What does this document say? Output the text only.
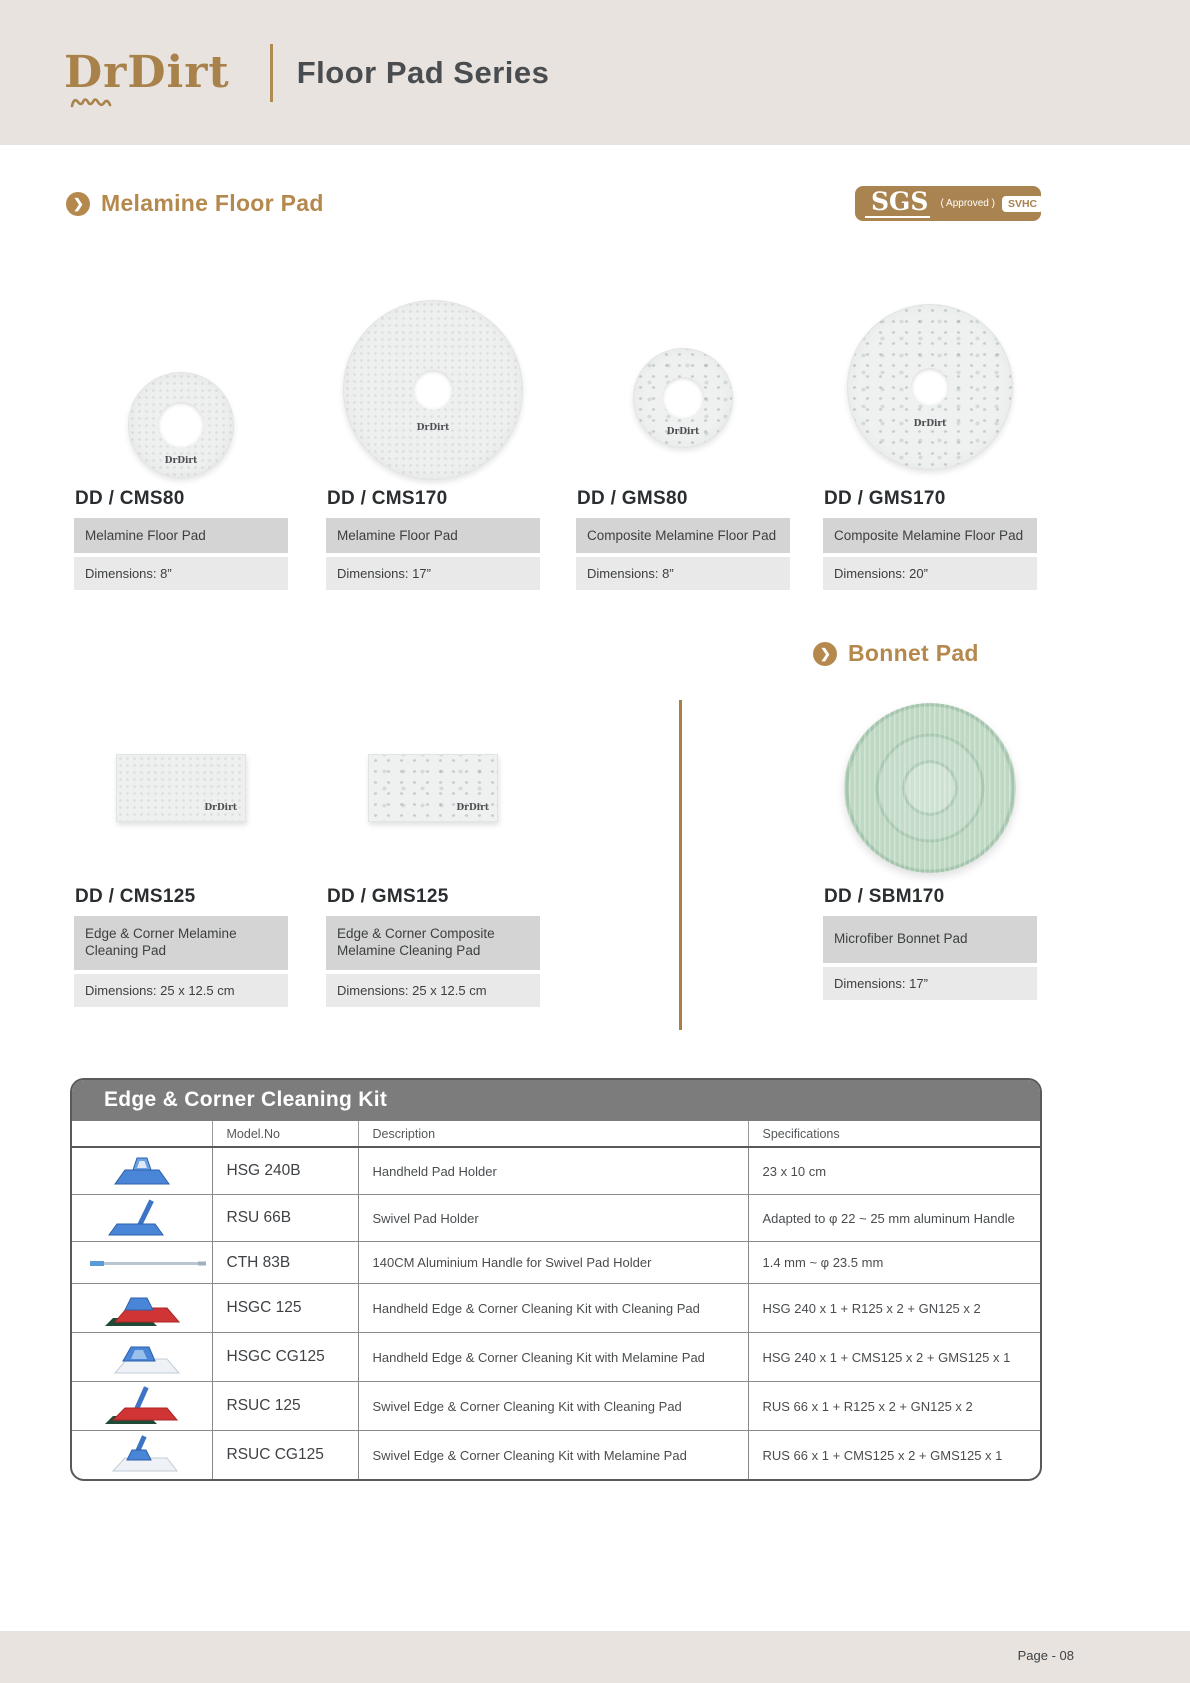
DrDirt Floor Pad Series
❯ Melamine Floor Pad	SGS ( Approved )	SVHC
DrDirt
DD / CMS80
Melamine Floor Pad
Dimensions: 8”
DrDirt
DD / CMS170
Melamine Floor Pad
Dimensions: 17”
DrDirt
DD / GMS80
Composite Melamine Floor Pad
Dimensions: 8”
DrDirt
DD / GMS170
Composite Melamine Floor Pad
Dimensions: 20”
❯ Bonnet Pad
DrDirt
DD / CMS125
Edge & Corner Melamine Cleaning Pad
Dimensions: 25 x 12.5 cm
DrDirt
DD / GMS125
Edge & Corner Composite Melamine Cleaning Pad
Dimensions: 25 x 12.5 cm
DD / SBM170
Microfiber Bonnet Pad
Dimensions: 17”
Edge & Corner Cleaning Kit
	Model.No	Description	Specifications

	HSG 240B	Handheld Pad Holder	23 x 10 cm

	RSU 66B	Swivel Pad Holder	Adapted to φ 22 ~ 25 mm aluminum Handle

	CTH 83B	140CM Aluminium Handle for Swivel Pad Holder	1.4 mm ~ φ 23.5 mm

	HSGC 125	Handheld Edge & Corner Cleaning Kit with Cleaning Pad	HSG 240 x 1 + R125 x 2 + GN125 x 2

	HSGC CG125	Handheld Edge & Corner Cleaning Kit with Melamine Pad	HSG 240 x 1 + CMS125 x 2 + GMS125 x 1

	RSUC 125	Swivel Edge & Corner Cleaning Kit with Cleaning Pad	RUS 66 x 1 + R125 x 2 + GN125 x 2

	RSUC CG125	Swivel Edge & Corner Cleaning Kit with Melamine Pad	RUS 66 x 1 + CMS125 x 2 + GMS125 x 1
Page - 08
